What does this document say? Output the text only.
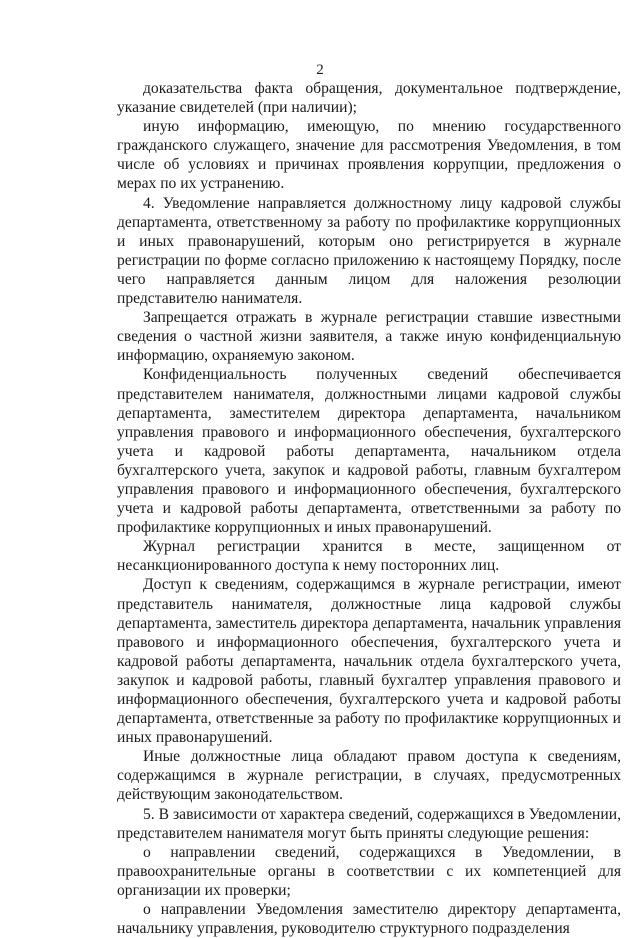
2

доказательства факта обращения, документальное подтверждение, указание свидетелей (при наличии);

иную информацию, имеющую, по мнению государственного гражданского служащего, значение для рассмотрения Уведомления, в том числе об условиях и причинах проявления коррупции, предложения о мерах по их устранению.

4. Уведомление направляется должностному лицу кадровой службы департамента, ответственному за работу по профилактике коррупционных и иных правонарушений, которым оно регистрируется в журнале регистрации по форме согласно приложению к настоящему Порядку, после чего направляется данным лицом для наложения резолюции представителю нанимателя.

Запрещается отражать в журнале регистрации ставшие известными сведения о частной жизни заявителя, а также иную конфиденциальную информацию, охраняемую законом.

Конфиденциальность полученных сведений обеспечивается представителем нанимателя, должностными лицами кадровой службы департамента, заместителем директора департамента, начальником управления правового и информационного обеспечения, бухгалтерского учета и кадровой работы департамента, начальником отдела бухгалтерского учета, закупок и кадровой работы, главным бухгалтером управления правового и информационного обеспечения, бухгалтерского учета и кадровой работы департамента, ответственными за работу по профилактике коррупционных и иных правонарушений.

Журнал регистрации хранится в месте, защищенном от несанкционированного доступа к нему посторонних лиц.

Доступ к сведениям, содержащимся в журнале регистрации, имеют представитель нанимателя, должностные лица кадровой службы департамента, заместитель директора департамента, начальник управления правового и информационного обеспечения, бухгалтерского учета и кадровой работы департамента, начальник отдела бухгалтерского учета, закупок и кадровой работы, главный бухгалтер управления правового и информационного обеспечения, бухгалтерского учета и кадровой работы департамента, ответственные за работу по профилактике коррупционных и иных правонарушений.

Иные должностные лица обладают правом доступа к сведениям, содержащимся в журнале регистрации, в случаях, предусмотренных действующим законодательством.

5. В зависимости от характера сведений, содержащихся в Уведомлении, представителем нанимателя могут быть приняты следующие решения:

о направлении сведений, содержащихся в Уведомлении, в правоохранительные органы в соответствии с их компетенцией для организации их проверки;

о направлении Уведомления заместителю директору департамента, начальнику управления, руководителю структурного подразделения
